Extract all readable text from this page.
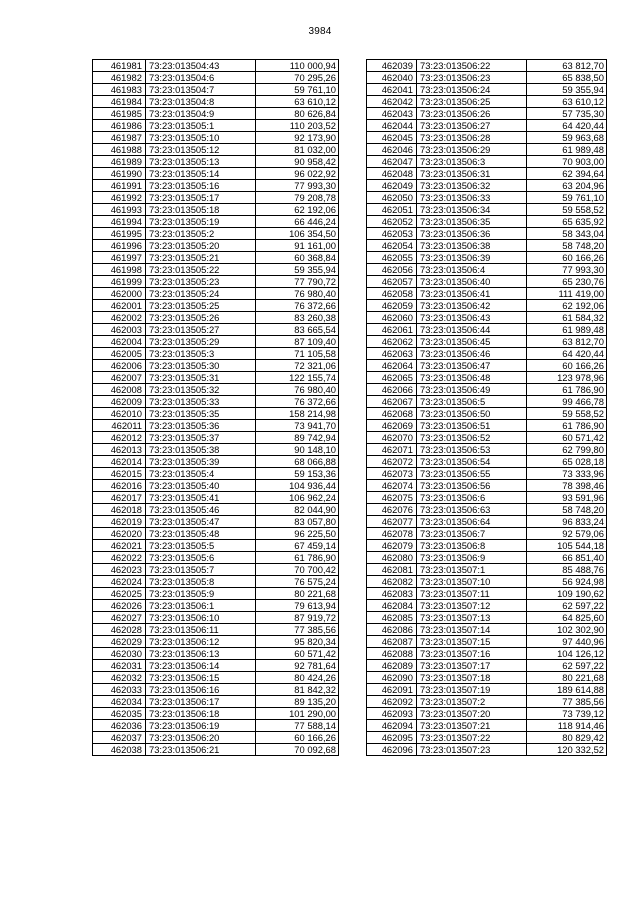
3984
461981	73:23:013504:43	110 000,94
461982	73:23:013504:6	70 295,26
461983	73:23:013504:7	59 761,10
461984	73:23:013504:8	63 610,12
461985	73:23:013504:9	80 626,84
461986	73:23:013505:1	110 203,52
461987	73:23:013505:10	92 173,90
461988	73:23:013505:12	81 032,00
461989	73:23:013505:13	90 958,42
461990	73:23:013505:14	96 022,92
461991	73:23:013505:16	77 993,30
461992	73:23:013505:17	79 208,78
461993	73:23:013505:18	62 192,06
461994	73:23:013505:19	66 446,24
461995	73:23:013505:2	106 354,50
461996	73:23:013505:20	91 161,00
461997	73:23:013505:21	60 368,84
461998	73:23:013505:22	59 355,94
461999	73:23:013505:23	77 790,72
462000	73:23:013505:24	76 980,40
462001	73:23:013505:25	76 372,66
462002	73:23:013505:26	83 260,38
462003	73:23:013505:27	83 665,54
462004	73:23:013505:29	87 109,40
462005	73:23:013505:3	71 105,58
462006	73:23:013505:30	72 321,06
462007	73:23:013505:31	122 155,74
462008	73:23:013505:32	76 980,40
462009	73:23:013505:33	76 372,66
462010	73:23:013505:35	158 214,98
462011	73:23:013505:36	73 941,70
462012	73:23:013505:37	89 742,94
462013	73:23:013505:38	90 148,10
462014	73:23:013505:39	68 066,88
462015	73:23:013505:4	59 153,36
462016	73:23:013505:40	104 936,44
462017	73:23:013505:41	106 962,24
462018	73:23:013505:46	82 044,90
462019	73:23:013505:47	83 057,80
462020	73:23:013505:48	96 225,50
462021	73:23:013505:5	67 459,14
462022	73:23:013505:6	61 786,90
462023	73:23:013505:7	70 700,42
462024	73:23:013505:8	76 575,24
462025	73:23:013505:9	80 221,68
462026	73:23:013506:1	79 613,94
462027	73:23:013506:10	87 919,72
462028	73:23:013506:11	77 385,56
462029	73:23:013506:12	95 820,34
462030	73:23:013506:13	60 571,42
462031	73:23:013506:14	92 781,64
462032	73:23:013506:15	80 424,26
462033	73:23:013506:16	81 842,32
462034	73:23:013506:17	89 135,20
462035	73:23:013506:18	101 290,00
462036	73:23:013506:19	77 588,14
462037	73:23:013506:20	60 166,26
462038	73:23:013506:21	70 092,68
462039	73:23:013506:22	63 812,70
462040	73:23:013506:23	65 838,50
462041	73:23:013506:24	59 355,94
462042	73:23:013506:25	63 610,12
462043	73:23:013506:26	57 735,30
462044	73:23:013506:27	64 420,44
462045	73:23:013506:28	59 963,68
462046	73:23:013506:29	61 989,48
462047	73:23:013506:3	70 903,00
462048	73:23:013506:31	62 394,64
462049	73:23:013506:32	63 204,96
462050	73:23:013506:33	59 761,10
462051	73:23:013506:34	59 558,52
462052	73:23:013506:35	65 635,92
462053	73:23:013506:36	58 343,04
462054	73:23:013506:38	58 748,20
462055	73:23:013506:39	60 166,26
462056	73:23:013506:4	77 993,30
462057	73:23:013506:40	65 230,76
462058	73:23:013506:41	111 419,00
462059	73:23:013506:42	62 192,06
462060	73:23:013506:43	61 584,32
462061	73:23:013506:44	61 989,48
462062	73:23:013506:45	63 812,70
462063	73:23:013506:46	64 420,44
462064	73:23:013506:47	60 166,26
462065	73:23:013506:48	123 978,96
462066	73:23:013506:49	61 786,90
462067	73:23:013506:5	99 466,78
462068	73:23:013506:50	59 558,52
462069	73:23:013506:51	61 786,90
462070	73:23:013506:52	60 571,42
462071	73:23:013506:53	62 799,80
462072	73:23:013506:54	65 028,18
462073	73:23:013506:55	73 333,96
462074	73:23:013506:56	78 398,46
462075	73:23:013506:6	93 591,96
462076	73:23:013506:63	58 748,20
462077	73:23:013506:64	96 833,24
462078	73:23:013506:7	92 579,06
462079	73:23:013506:8	105 544,18
462080	73:23:013506:9	66 851,40
462081	73:23:013507:1	85 488,76
462082	73:23:013507:10	56 924,98
462083	73:23:013507:11	109 190,62
462084	73:23:013507:12	62 597,22
462085	73:23:013507:13	64 825,60
462086	73:23:013507:14	102 302,90
462087	73:23:013507:15	97 440,96
462088	73:23:013507:16	104 126,12
462089	73:23:013507:17	62 597,22
462090	73:23:013507:18	80 221,68
462091	73:23:013507:19	189 614,88
462092	73:23:013507:2	77 385,56
462093	73:23:013507:20	73 739,12
462094	73:23:013507:21	118 914,46
462095	73:23:013507:22	80 829,42
462096	73:23:013507:23	120 332,52
